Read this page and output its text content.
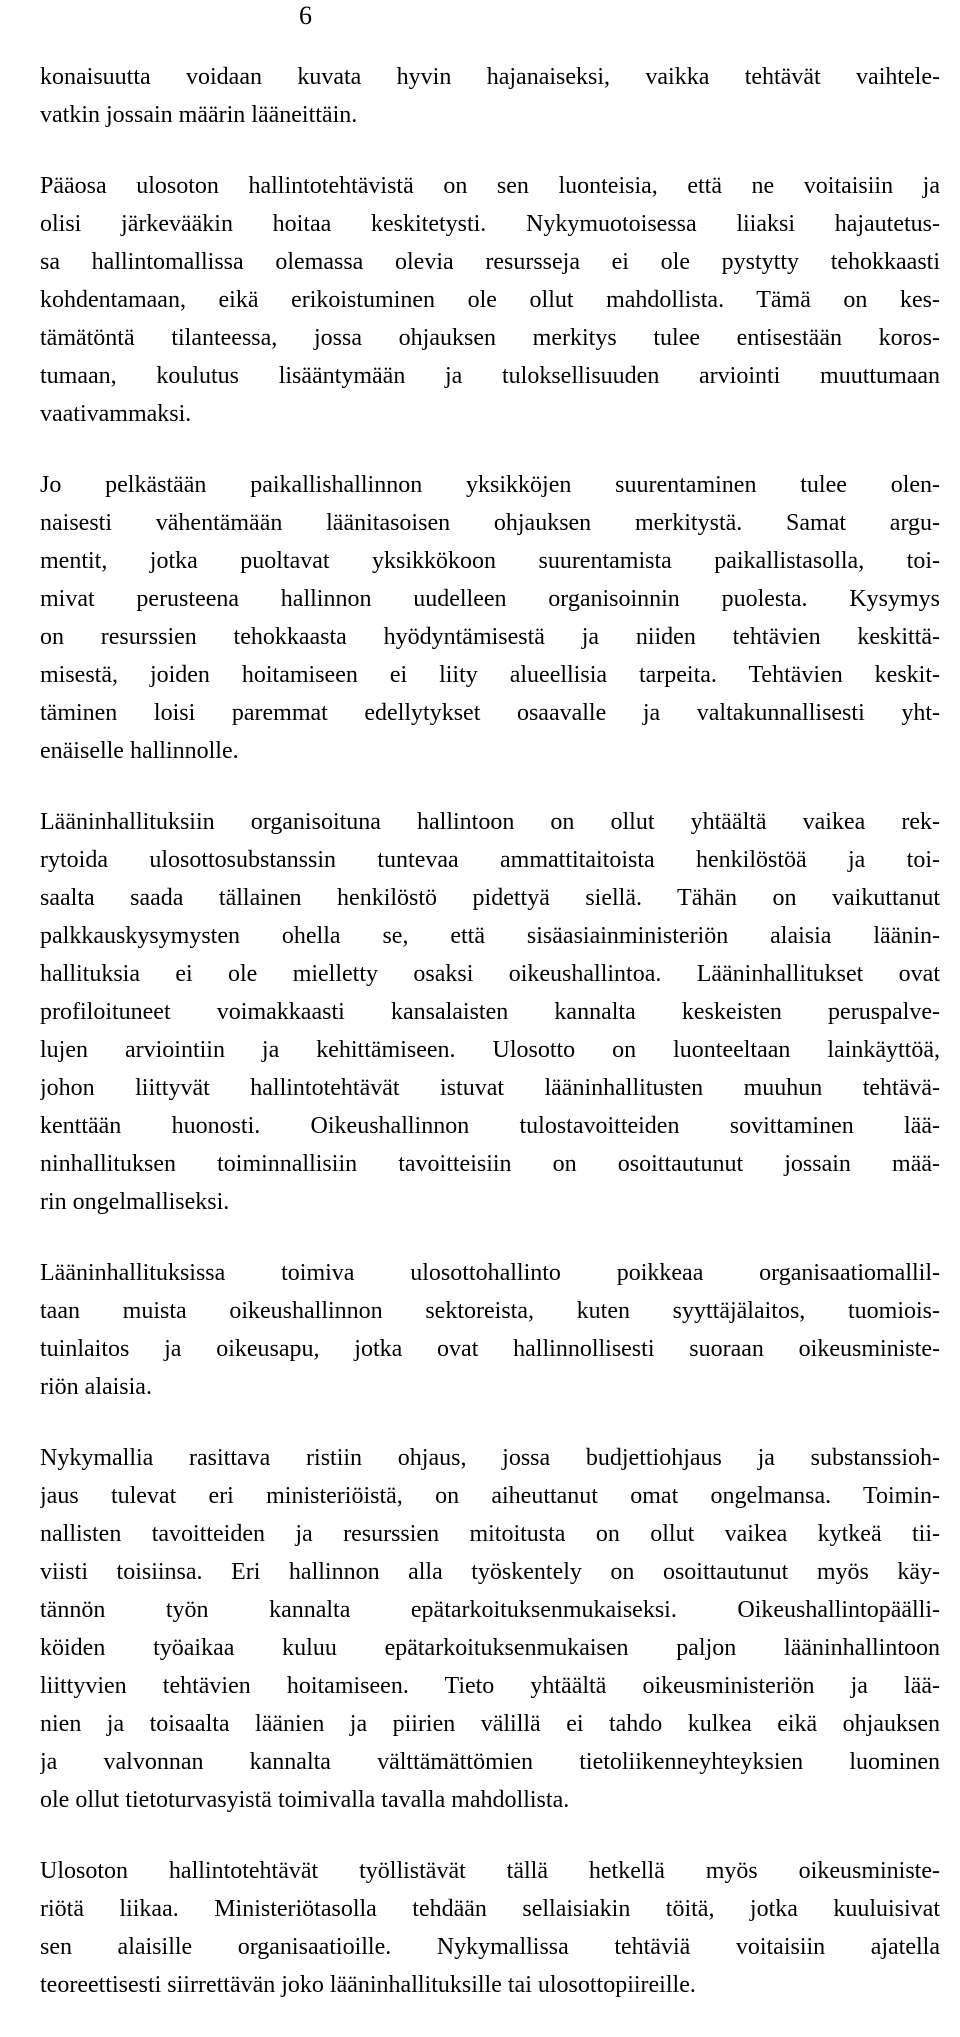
6

konaisuutta voidaan kuvata hyvin hajanaiseksi, vaikka tehtävät vaihtele-
vatkin jossain määrin lääneittäin.

Pääosa ulosoton hallintotehtävistä on sen luonteisia, että ne voitaisiin ja
olisi järkevääkin hoitaa keskitetysti. Nykymuotoisessa liiaksi hajautetus-
sa hallintomallissa olemassa olevia resursseja ei ole pystytty tehokkaasti
kohdentamaan, eikä erikoistuminen ole ollut mahdollista. Tämä on kes-
tämätöntä tilanteessa, jossa ohjauksen merkitys tulee entisestään koros-
tumaan, koulutus lisääntymään ja tuloksellisuuden arviointi muuttumaan
vaativammaksi.

Jo pelkästään paikallishallinnon yksikköjen suurentaminen tulee olen-
naisesti vähentämään läänitasoisen ohjauksen merkitystä. Samat argu-
mentit, jotka puoltavat yksikkökoon suurentamista paikallistasolla, toi-
mivat perusteena hallinnon uudelleen organisoinnin puolesta. Kysymys
on resurssien tehokkaasta hyödyntämisestä ja niiden tehtävien keskittä-
misestä, joiden hoitamiseen ei liity alueellisia tarpeita. Tehtävien keskit-
täminen loisi paremmat edellytykset osaavalle ja valtakunnallisesti yht-
enäiselle hallinnolle.

Lääninhallituksiin organisoituna hallintoon on ollut yhtäältä vaikea rek-
rytoida ulosottosubstanssin tuntevaa ammattitaitoista henkilöstöä ja toi-
saalta saada tällainen henkilöstö pidettyä siellä. Tähän on vaikuttanut
palkkauskysymysten ohella se, että sisäasiainministeriön alaisia läänin-
hallituksia ei ole mielletty osaksi oikeushallintoa. Lääninhallitukset ovat
profiloituneet voimakkaasti kansalaisten kannalta keskeisten peruspalve-
lujen arviointiin ja kehittämiseen. Ulosotto on luonteeltaan lainkäyttöä,
johon liittyvät hallintotehtävät istuvat lääninhallitusten muuhun tehtävä-
kenttään huonosti. Oikeushallinnon tulostavoitteiden sovittaminen lää-
ninhallituksen toiminnallisiin tavoitteisiin on osoittautunut jossain mää-
rin ongelmalliseksi.

Lääninhallituksissa toimiva ulosottohallinto poikkeaa organisaatiomallil-
taan muista oikeushallinnon sektoreista, kuten syyttäjälaitos, tuomiois-
tuinlaitos ja oikeusapu, jotka ovat hallinnollisesti suoraan oikeusministe-
riön alaisia.

Nykymallia rasittava ristiin ohjaus, jossa budjettiohjaus ja substanssioh-
jaus tulevat eri ministeriöistä, on aiheuttanut omat ongelmansa. Toimin-
nallisten tavoitteiden ja resurssien mitoitusta on ollut vaikea kytkeä tii-
viisti toisiinsa. Eri hallinnon alla työskentely on osoittautunut myös käy-
tännön työn kannalta epätarkoituksenmukaiseksi. Oikeushallintopäälli-
köiden työaikaa kuluu epätarkoituksenmukaisen paljon lääninhallintoon
liittyvien tehtävien hoitamiseen. Tieto yhtäältä oikeusministeriön ja lää-
nien ja toisaalta läänien ja piirien välillä ei tahdo kulkea eikä ohjauksen
ja valvonnan kannalta välttämättömien tietoliikenneyhteyksien luominen
ole ollut tietoturvasyistä toimivalla tavalla mahdollista.

Ulosoton hallintotehtävät työllistävät tällä hetkellä myös oikeusministe-
riötä liikaa. Ministeriötasolla tehdään sellaisiakin töitä, jotka kuuluisivat
sen alaisille organisaatioille. Nykymallissa tehtäviä voitaisiin ajatella
teoreettisesti siirrettävän joko lääninhallituksille tai ulosottopiireille.
